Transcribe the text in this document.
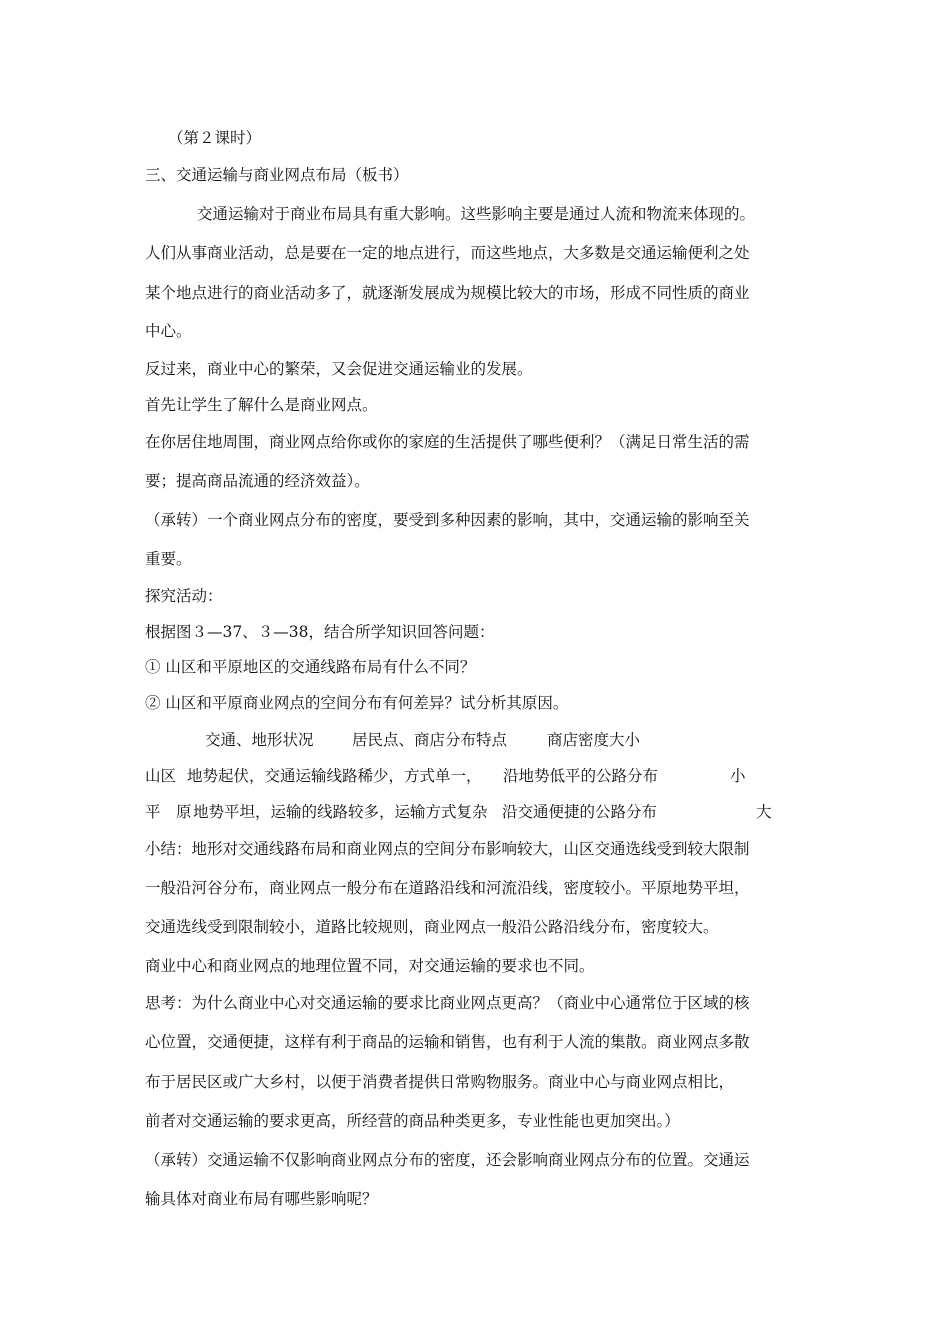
（第２课时）
三、交通运输与商业网点布局（板书）
交通运输对于商业布局具有重大影响。这些影响主要是通过人流和物流来体现的。
人们从事商业活动，总是要在一定的地点进行，而这些地点，大多数是交通运输便利之处
某个地点进行的商业活动多了，就逐渐发展成为规模比较大的市场，形成不同性质的商业
中心。
反过来，商业中心的繁荣，又会促进交通运输业的发展。
首先让学生了解什么是商业网点。
在你居住地周围，商业网点给你或你的家庭的生活提供了哪些便利？（满足日常生活的需
要；提高商品流通的经济效益）。
（承转）一个商业网点分布的密度，要受到多种因素的影响，其中，交通运输的影响至关
重要。
探究活动：
根据图３—37、３—38，结合所学知识回答问题：
① 山区和平原地区的交通线路布局有什么不同？
② 山区和平原商业网点的空间分布有何差异？试分析其原因。
交通、地形状况 居民点、商店分布特点	商店密度大小
山区 地势起伏，交通运输线路稀少，方式单一， 沿地势低平的公路分布	小
平　原 地势平坦，运输的线路较多，运输方式复杂 沿交通便捷的公路分布	大
小结：地形对交通线路布局和商业网点的空间分布影响较大，山区交通选线受到较大限制
一般沿河谷分布，商业网点一般分布在道路沿线和河流沿线，密度较小。平原地势平坦，
交通选线受到限制较小，道路比较规则，商业网点一般沿公路沿线分布，密度较大。
商业中心和商业网点的地理位置不同，对交通运输的要求也不同。
思考：为什么商业中心对交通运输的要求比商业网点更高？（商业中心通常位于区域的核
心位置，交通便捷，这样有利于商品的运输和销售，也有利于人流的集散。商业网点多散
布于居民区或广大乡村，以便于消费者提供日常购物服务。商业中心与商业网点相比，
前者对交通运输的要求更高，所经营的商品种类更多，专业性能也更加突出。）
（承转）交通运输不仅影响商业网点分布的密度，还会影响商业网点分布的位置。交通运
输具体对商业布局有哪些影响呢？
